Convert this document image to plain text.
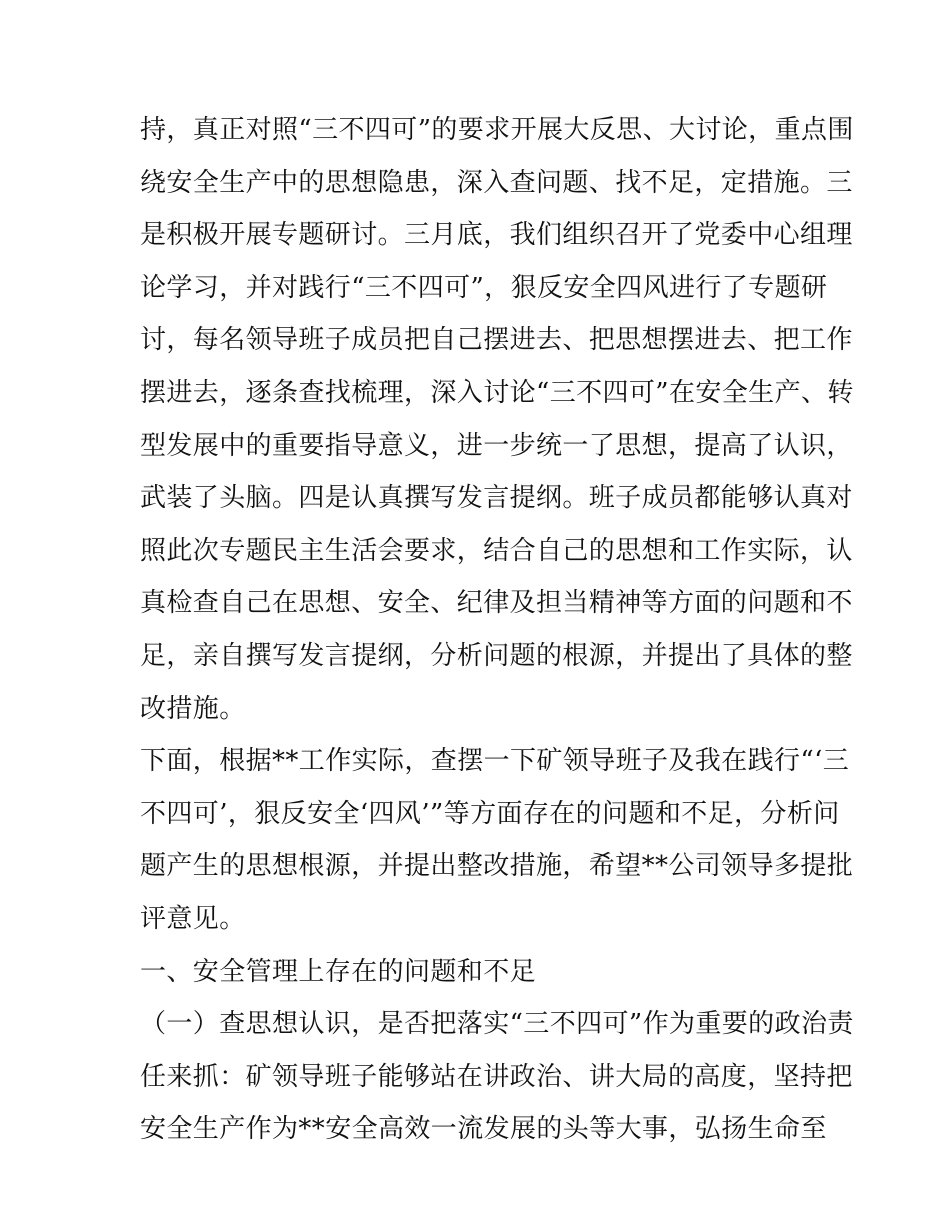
持，真正对照“三不四可”的要求开展大反思、大讨论，重点围
绕安全生产中的思想隐患，深入查问题、找不足，定措施。三
是积极开展专题研讨。三月底，我们组织召开了党委中心组理
论学习，并对践行“三不四可”，狠反安全四风进行了专题研
讨，每名领导班子成员把自己摆进去、把思想摆进去、把工作
摆进去，逐条查找梳理，深入讨论“三不四可”在安全生产、转
型发展中的重要指导意义，进一步统一了思想，提高了认识，
武装了头脑。四是认真撰写发言提纲。班子成员都能够认真对
照此次专题民主生活会要求，结合自己的思想和工作实际，认
真检查自己在思想、安全、纪律及担当精神等方面的问题和不
足，亲自撰写发言提纲，分析问题的根源，并提出了具体的整
改措施。
下面，根据**工作实际，查摆一下矿领导班子及我在践行“‘三
不四可’，狠反安全‘四风’”等方面存在的问题和不足，分析问
题产生的思想根源，并提出整改措施，希望**公司领导多提批
评意见。
一、安全管理上存在的问题和不足
（一）查思想认识，是否把落实“三不四可”作为重要的政治责
任来抓：矿领导班子能够站在讲政治、讲大局的高度，坚持把
安全生产作为**安全高效一流发展的头等大事，弘扬生命至
